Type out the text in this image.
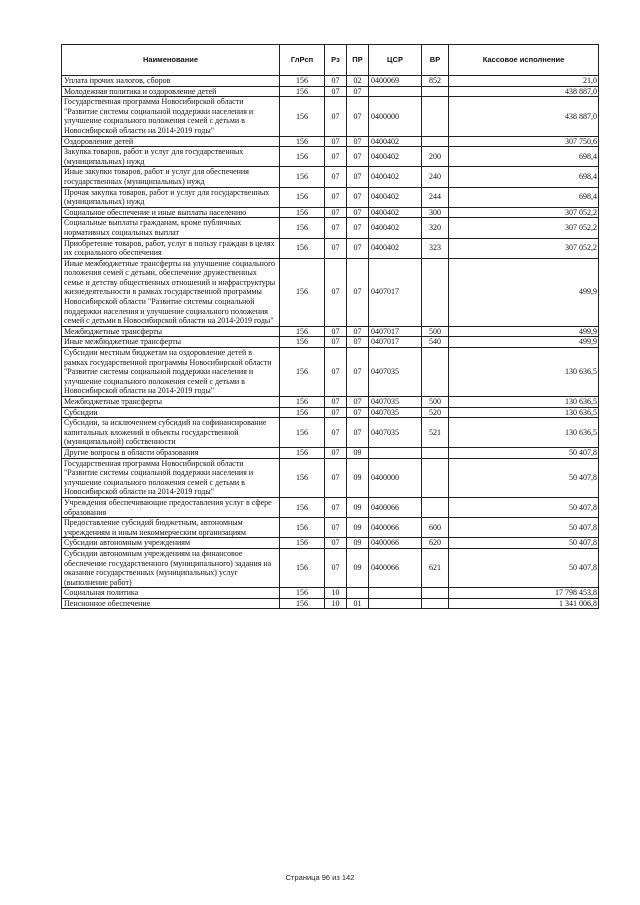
Наименование	ГлРсп	Рз	ПР	ЦСР	ВР	Кассовое исполнение
Уплата прочих налогов, сборов	156	07	02	0400069	852	21,0
Молодежная политика и оздоровление детей	156	07	07			438 887,0
Государственная программа Новосибирской области "Развитие системы социальной поддержки населения и улучшение социального положения семей с детьми в Новосибирской области на 2014-2019 годы"	156	07	07	0400000		438 887,0
Оздоровление детей	156	07	07	0400402		307 750,6
Закупка товаров, работ и услуг для государственных (муниципальных) нужд	156	07	07	0400402	200	698,4
Иные закупки товаров, работ и услуг для обеспечения государственных (муниципальных) нужд	156	07	07	0400402	240	698,4
Прочая закупка товаров, работ и услуг для государственных (муниципальных) нужд	156	07	07	0400402	244	698,4
Социальное обеспечение и иные выплаты населению	156	07	07	0400402	300	307 052,2
Социальные выплаты гражданам, кроме публичных нормативных социальных выплат	156	07	07	0400402	320	307 052,2
Приобретение товаров, работ, услуг в пользу граждан в целях их социального обеспечения	156	07	07	0400402	323	307 052,2
Иные межбюджетные трансферты на улучшение социального положения семей с детьми, обеспечение дружественных семье и детству общественных отношений и инфраструктуры жизнедеятельности в рамках государственной программы Новосибирской области "Развитие системы социальной поддержки населения и улучшение социального положения семей с детьми в Новосибирской области на 2014-2019 годы"	156	07	07	0407017		499,9
Межбюджетные трансферты	156	07	07	0407017	500	499,9
Иные межбюджетные трансферты	156	07	07	0407017	540	499,9
Субсидии местным бюджетам на оздоровление детей в рамках государственной программы Новосибирской области "Развитие системы социальной поддержки населения и улучшение социального положения семей с детьми в Новосибирской области на 2014-2019 годы"	156	07	07	0407035		130 636,5
Межбюджетные трансферты	156	07	07	0407035	500	130 636,5
Субсидии	156	07	07	0407035	520	130 636,5
Субсидии, за исключением субсидий на софинансирование капитальных вложений в объекты государственной (муниципальной) собственности	156	07	07	0407035	521	130 636,5
Другие вопросы в области образования	156	07	09			50 407,8
Государственная программа Новосибирской области "Развитие системы социальной поддержки населения и улучшение социального положения семей с детьми в Новосибирской области на 2014-2019 годы"	156	07	09	0400000		50 407,8
Учреждения обеспечивающие предоставления услуг в сфере образования	156	07	09	0400066		50 407,8
Предоставление субсидий бюджетным, автономным учреждениям и иным некоммерческим организациям	156	07	09	0400066	600	50 407,8
Субсидии автономным учреждениям	156	07	09	0400066	620	50 407,8
Субсидии автономным учреждениям на финансовое обеспечение государственного (муниципального) задания на оказание государственных (муниципальных) услуг (выполнение работ)	156	07	09	0400066	621	50 407,8
Социальная политика	156	10				17 798 453,8
Пенсионное обеспечение	156	10	01			1 341 006,8
Страница 96 из 142
